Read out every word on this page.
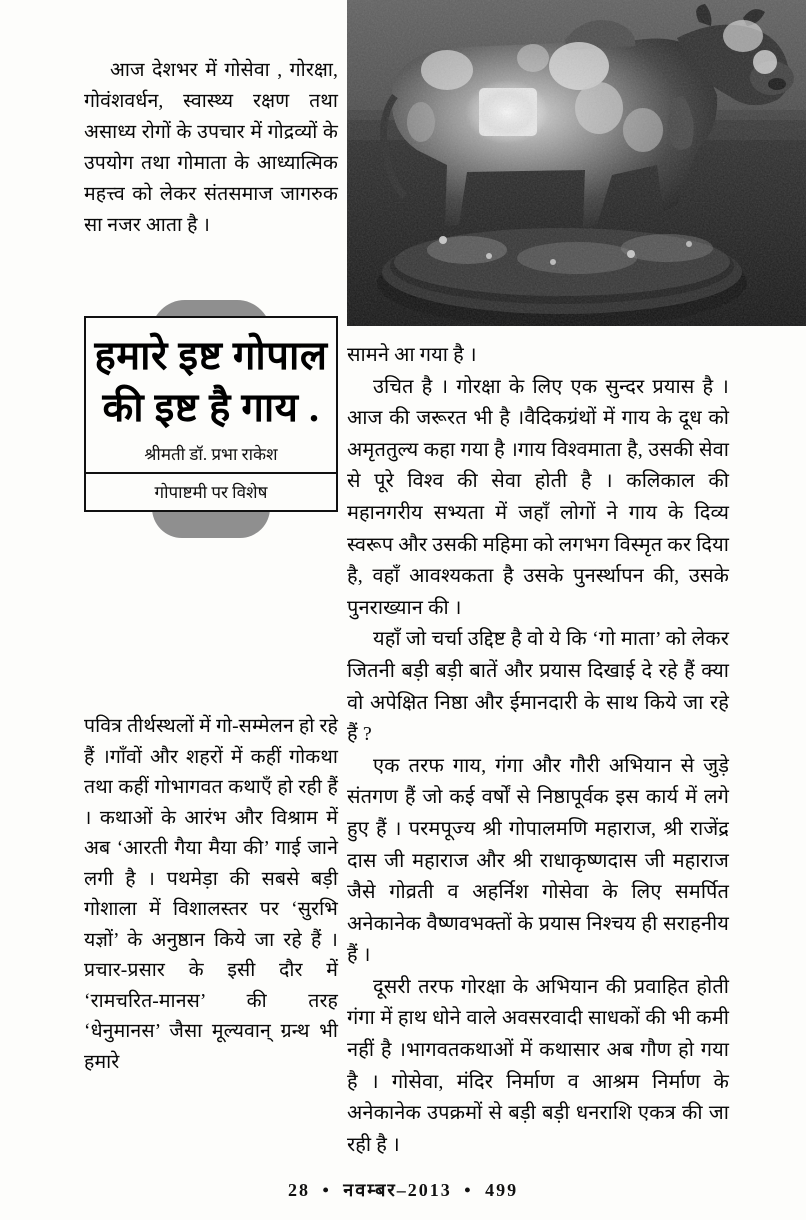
आज देशभर में गोसेवा , गोरक्षा, गोवंशवर्धन, स्वास्थ्य रक्षण तथा असाध्य रोगों के उपचार में गोद्रव्यों के उपयोग तथा गोमाता के आध्यात्मिक महत्त्व को लेकर संतसमाज जागरुक सा नजर आता है ।

हमारे इष्ट गोपाल की इष्ट है गाय .
श्रीमती डॉ. प्रभा राकेश
गोपाष्टमी पर विशेष

पवित्र तीर्थस्थलों में गो-सम्मेलन हो रहे हैं ।गाँवों और शहरों में कहीं गोकथा तथा कहीं गोभागवत कथाएँ हो रही हैं । कथाओं के आरंभ और विश्राम में अब ‘आरती गैया मैया की’ गाई जाने लगी है । पथमेड़ा की सबसे बड़ी गोशाला में विशालस्तर पर ‘सुरभि यज्ञों’ के अनुष्ठान किये जा रहे हैं । प्रचार-प्रसार के इसी दौर में ‘रामचरित-मानस’ की तरह ‘धेनुमानस’ जैसा मूल्यवान् ग्रन्थ भी हमारे

सामने आ गया है ।

उचित है । गोरक्षा के लिए एक सुन्दर प्रयास है ।आज की जरूरत भी है ।वैदिकग्रंथों में गाय के दूध को अमृततुल्य कहा गया है ।गाय विश्वमाता है, उसकी सेवा से पूरे विश्व की सेवा होती है । कलिकाल की महानगरीय सभ्यता में जहाँ लोगों ने गाय के दिव्य स्वरूप और उसकी महिमा को लगभग विस्मृत कर दिया है, वहाँ आवश्यकता है उसके पुनर्स्थापन की, उसके पुनराख्यान की ।

यहाँ जो चर्चा उद्दिष्ट है वो ये कि ‘गो माता’ को लेकर जितनी बड़ी बड़ी बातें और प्रयास दिखाई दे रहे हैं क्या वो अपेक्षित निष्ठा और ईमानदारी के साथ किये जा रहे हैं ?

एक तरफ गाय, गंगा और गौरी अभियान से जुड़े संतगण हैं जो कई वर्षों से निष्ठापूर्वक इस कार्य में लगे हुए हैं । परमपूज्य श्री गोपालमणि महाराज, श्री राजेंद्र दास जी महाराज और श्री राधाकृष्णदास जी महाराज जैसे गोव्रती व अहर्निश गोसेवा के लिए समर्पित अनेकानेक वैष्णवभक्तों के प्रयास निश्चय ही सराहनीय हैं ।

दूसरी तरफ गोरक्षा के अभियान की प्रवाहित होती गंगा में हाथ धोने वाले अवसरवादी साधकों की भी कमी नहीं है ।भागवतकथाओं में कथासार अब गौण हो गया है । गोसेवा, मंदिर निर्माण व आश्रम निर्माण के अनेकानेक उपक्रमों से बड़ी बड़ी धनराशि एकत्र की जा रही है ।

28 • नवम्बर–2013 • 499
